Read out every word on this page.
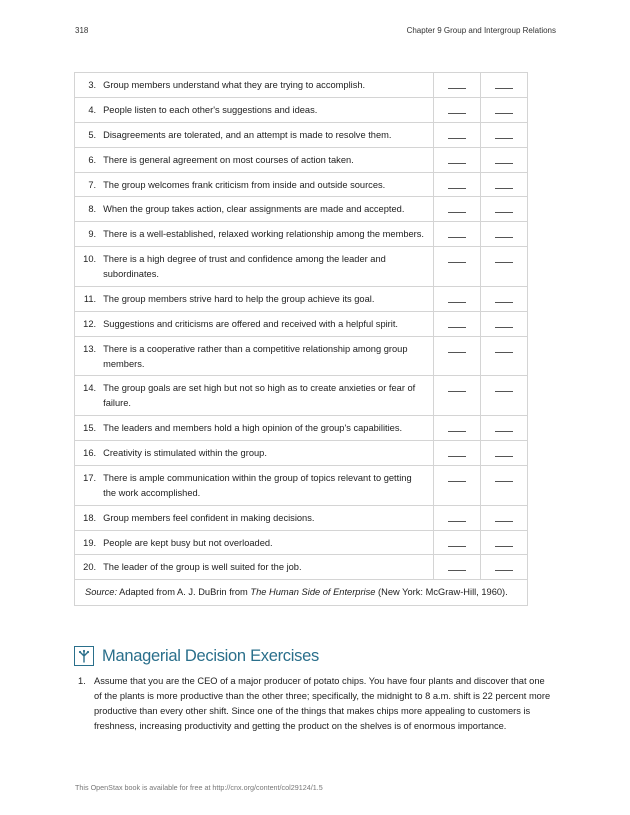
318	Chapter 9 Group and Intergroup Relations
3.	Group members understand what they are trying to accomplish.	

4.	People listen to each other's suggestions and ideas.	

5.	Disagreements are tolerated, and an attempt is made to resolve them.	

6.	There is general agreement on most courses of action taken.	

7.	The group welcomes frank criticism from inside and outside sources.	

8.	When the group takes action, clear assignments are made and accepted.	

9.	There is a well-established, relaxed working relationship among the members.	

10.	There is a high degree of trust and confidence among the leader and subordinates.	

11.	The group members strive hard to help the group achieve its goal.	

12.	Suggestions and criticisms are offered and received with a helpful spirit.	

13.	There is a cooperative rather than a competitive relationship among group members.	

14.	The group goals are set high but not so high as to create anxieties or fear of failure.	

15.	The leaders and members hold a high opinion of the group's capabilities.	

16.	Creativity is stimulated within the group.	

17.	There is ample communication within the group of topics relevant to getting the work accomplished.	

18.	Group members feel confident in making decisions.	

19.	People are kept busy but not overloaded.	

20.	The leader of the group is well suited for the job.	

Source: Adapted from A. J. DuBrin from The Human Side of Enterprise (New York: McGraw-Hill, 1960).			
Managerial Decision Exercises
1. Assume that you are the CEO of a major producer of potato chips. You have four plants and discover that one of the plants is more productive than the other three; specifically, the midnight to 8 a.m. shift is 22 percent more productive than every other shift. Since one of the things that makes chips more appealing to customers is freshness, increasing productivity and getting the product on the shelves is of enormous importance.
This OpenStax book is available for free at http://cnx.org/content/col29124/1.5
